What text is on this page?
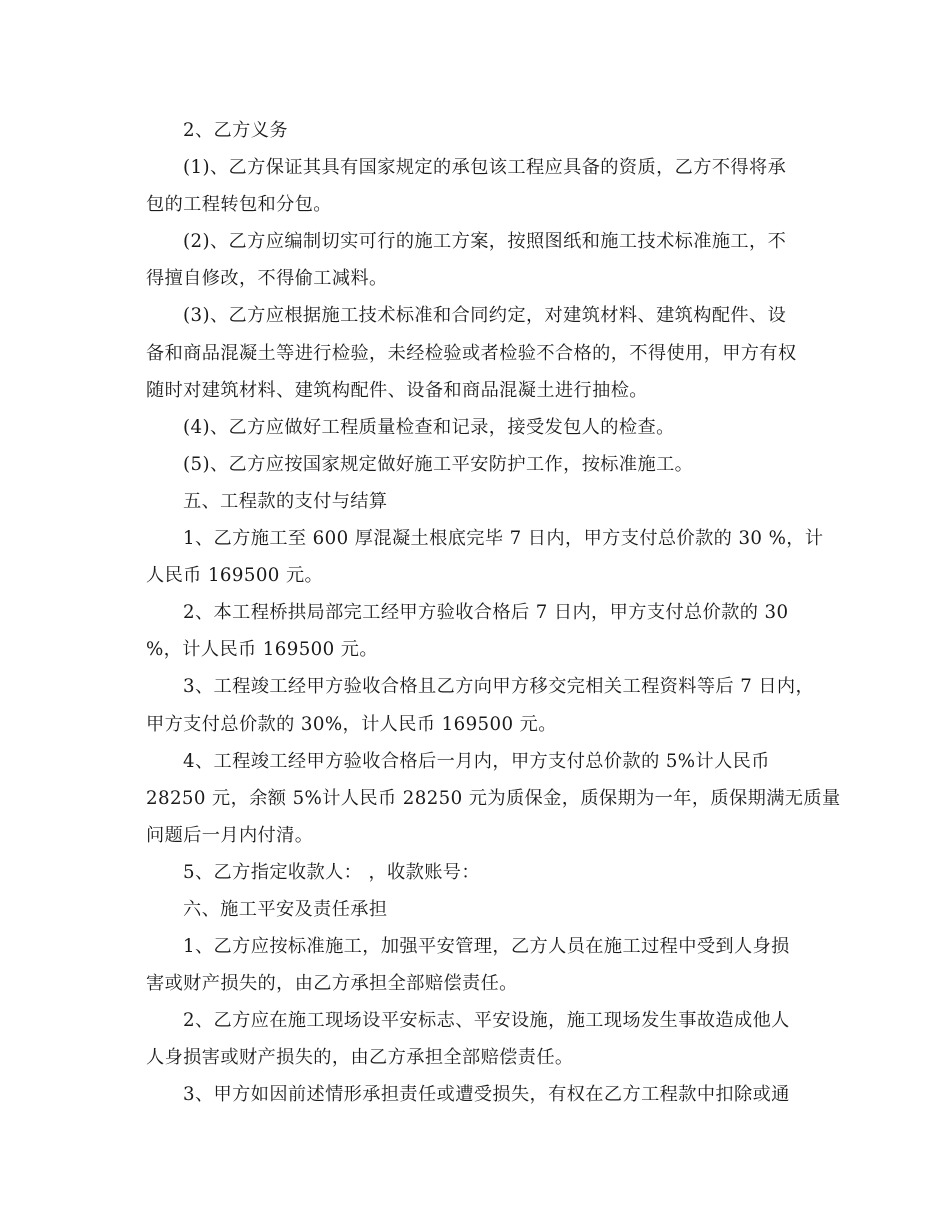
2、乙方义务
(1)、乙方保证其具有国家规定的承包该工程应具备的资质，乙方不得将承
包的工程转包和分包。
(2)、乙方应编制切实可行的施工方案，按照图纸和施工技术标准施工，不
得擅自修改，不得偷工减料。
(3)、乙方应根据施工技术标准和合同约定，对建筑材料、建筑构配件、设
备和商品混凝土等进行检验，未经检验或者检验不合格的，不得使用，甲方有权
随时对建筑材料、建筑构配件、设备和商品混凝土进行抽检。
(4)、乙方应做好工程质量检查和记录，接受发包人的检查。
(5)、乙方应按国家规定做好施工平安防护工作，按标准施工。
五、工程款的支付与结算
1、乙方施工至 600 厚混凝土根底完毕 7 日内，甲方支付总价款的 30 %，计
人民币 169500 元。
2、本工程桥拱局部完工经甲方验收合格后 7 日内，甲方支付总价款的 30
%，计人民币 169500 元。
3、工程竣工经甲方验收合格且乙方向甲方移交完相关工程资料等后 7 日内，
甲方支付总价款的 30%，计人民币 169500 元。
4、工程竣工经甲方验收合格后一月内，甲方支付总价款的 5%计人民币
28250 元，余额 5%计人民币 28250 元为质保金，质保期为一年，质保期满无质量
问题后一月内付清。
5、乙方指定收款人： ，收款账号：
六、施工平安及责任承担
1、乙方应按标准施工，加强平安管理，乙方人员在施工过程中受到人身损
害或财产损失的，由乙方承担全部赔偿责任。
2、乙方应在施工现场设平安标志、平安设施，施工现场发生事故造成他人
人身损害或财产损失的，由乙方承担全部赔偿责任。
3、甲方如因前述情形承担责任或遭受损失，有权在乙方工程款中扣除或通
